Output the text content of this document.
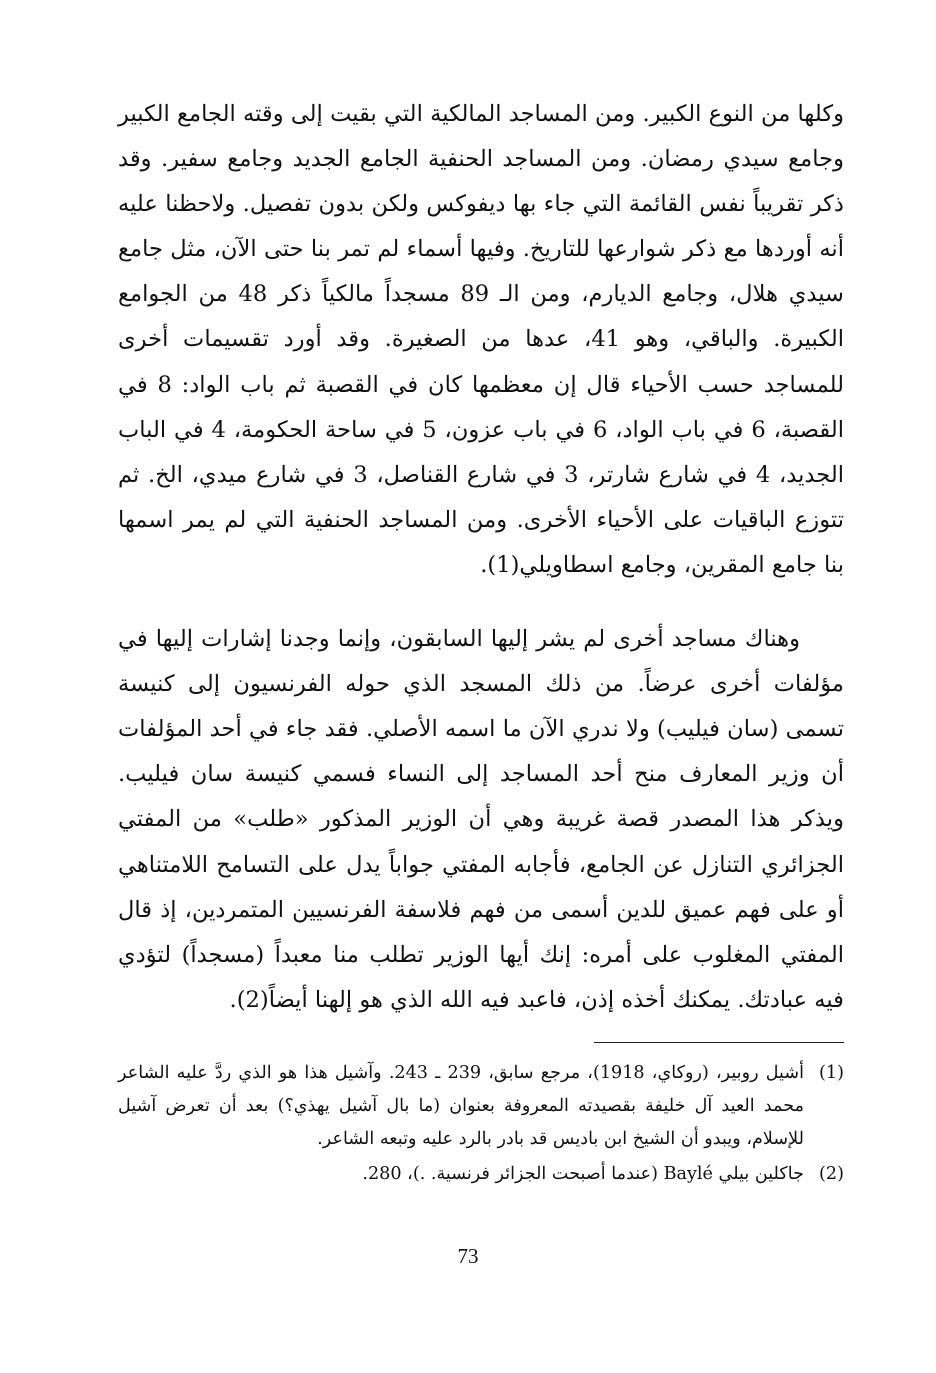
وكلها من النوع الكبير. ومن المساجد المالكية التي بقيت إلى وقته الجامع الكبير وجامع سيدي رمضان. ومن المساجد الحنفية الجامع الجديد وجامع سفير. وقد ذكر تقريباً نفس القائمة التي جاء بها ديفوكس ولكن بدون تفصيل. ولاحظنا عليه أنه أوردها مع ذكر شوارعها للتاريخ. وفيها أسماء لم تمر بنا حتى الآن، مثل جامع سيدي هلال، وجامع الديارم، ومن الـ 89 مسجداً مالكياً ذكر 48 من الجوامع الكبيرة. والباقي، وهو 41، عدها من الصغيرة. وقد أورد تقسيمات أخرى للمساجد حسب الأحياء قال إن معظمها كان في القصبة ثم باب الواد: 8 في القصبة، 6 في باب الواد، 6 في باب عزون، 5 في ساحة الحكومة، 4 في الباب الجديد، 4 في شارع شارتر، 3 في شارع القناصل، 3 في شارع ميدي، الخ. ثم تتوزع الباقيات على الأحياء الأخرى. ومن المساجد الحنفية التي لم يمر اسمها بنا جامع المقرين، وجامع اسطاويلي(1).

وهناك مساجد أخرى لم يشر إليها السابقون، وإنما وجدنا إشارات إليها في مؤلفات أخرى عرضاً. من ذلك المسجد الذي حوله الفرنسيون إلى كنيسة تسمى (سان فيليب) ولا ندري الآن ما اسمه الأصلي. فقد جاء في أحد المؤلفات أن وزير المعارف منح أحد المساجد إلى النساء فسمي كنيسة سان فيليب. ويذكر هذا المصدر قصة غريبة وهي أن الوزير المذكور «طلب» من المفتي الجزائري التنازل عن الجامع، فأجابه المفتي جواباً يدل على التسامح اللامتناهي أو على فهم عميق للدين أسمى من فهم فلاسفة الفرنسيين المتمردين، إذ قال المفتي المغلوب على أمره: إنك أيها الوزير تطلب منا معبداً (مسجداً) لتؤدي فيه عبادتك. يمكنك أخذه إذن، فاعبد فيه الله الذي هو إلهنا أيضاً(2).

(1)
أشيل روبير، (روكاي، 1918)، مرجع سابق، 239 ـ 243. وآشيل هذا هو الذي ردَّ عليه الشاعر محمد العيد آل خليفة بقصيدته المعروفة بعنوان (ما بال آشيل يهذي؟) بعد أن تعرض آشيل للإسلام، ويبدو أن الشيخ ابن باديس قد بادر بالرد عليه وتبعه الشاعر.
(2)
جاكلين بيلي Baylé (عندما أصبحت الجزائر فرنسية. .)، 280.
73
